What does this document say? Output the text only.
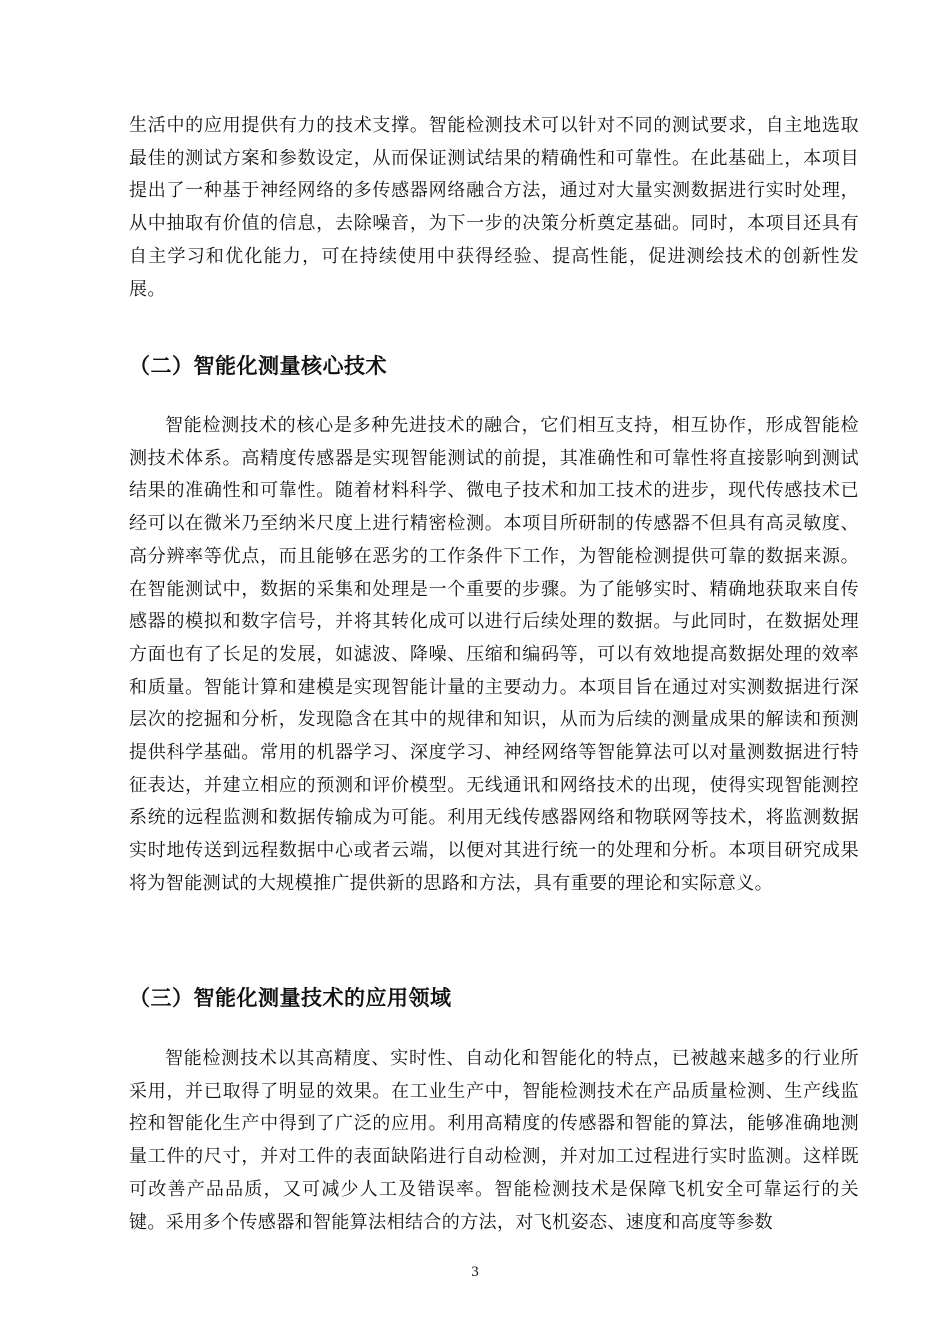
生活中的应用提供有力的技术支撑。智能检测技术可以针对不同的测试要求，自主地选取最佳的测试方案和参数设定，从而保证测试结果的精确性和可靠性。在此基础上，本项目提出了一种基于神经网络的多传感器网络融合方法，通过对大量实测数据进行实时处理，从中抽取有价值的信息，去除噪音，为下一步的决策分析奠定基础。同时，本项目还具有自主学习和优化能力，可在持续使用中获得经验、提高性能，促进测绘技术的创新性发展。

（二）智能化测量核心技术

智能检测技术的核心是多种先进技术的融合，它们相互支持，相互协作，形成智能检测技术体系。高精度传感器是实现智能测试的前提，其准确性和可靠性将直接影响到测试结果的准确性和可靠性。随着材料科学、微电子技术和加工技术的进步，现代传感技术已经可以在微米乃至纳米尺度上进行精密检测。本项目所研制的传感器不但具有高灵敏度、高分辨率等优点，而且能够在恶劣的工作条件下工作，为智能检测提供可靠的数据来源。在智能测试中，数据的采集和处理是一个重要的步骤。为了能够实时、精确地获取来自传感器的模拟和数字信号，并将其转化成可以进行后续处理的数据。与此同时，在数据处理方面也有了长足的发展，如滤波、降噪、压缩和编码等，可以有效地提高数据处理的效率和质量。智能计算和建模是实现智能计量的主要动力。本项目旨在通过对实测数据进行深层次的挖掘和分析，发现隐含在其中的规律和知识，从而为后续的测量成果的解读和预测提供科学基础。常用的机器学习、深度学习、神经网络等智能算法可以对量测数据进行特征表达，并建立相应的预测和评价模型。无线通讯和网络技术的出现，使得实现智能测控系统的远程监测和数据传输成为可能。利用无线传感器网络和物联网等技术，将监测数据实时地传送到远程数据中心或者云端，以便对其进行统一的处理和分析。本项目研究成果将为智能测试的大规模推广提供新的思路和方法，具有重要的理论和实际意义。

（三）智能化测量技术的应用领域

智能检测技术以其高精度、实时性、自动化和智能化的特点，已被越来越多的行业所采用，并已取得了明显的效果。在工业生产中，智能检测技术在产品质量检测、生产线监控和智能化生产中得到了广泛的应用。利用高精度的传感器和智能的算法，能够准确地测量工件的尺寸，并对工件的表面缺陷进行自动检测，并对加工过程进行实时监测。这样既可改善产品品质，又可减少人工及错误率。智能检测技术是保障飞机安全可靠运行的关键。采用多个传感器和智能算法相结合的方法，对飞机姿态、速度和高度等参数

3
